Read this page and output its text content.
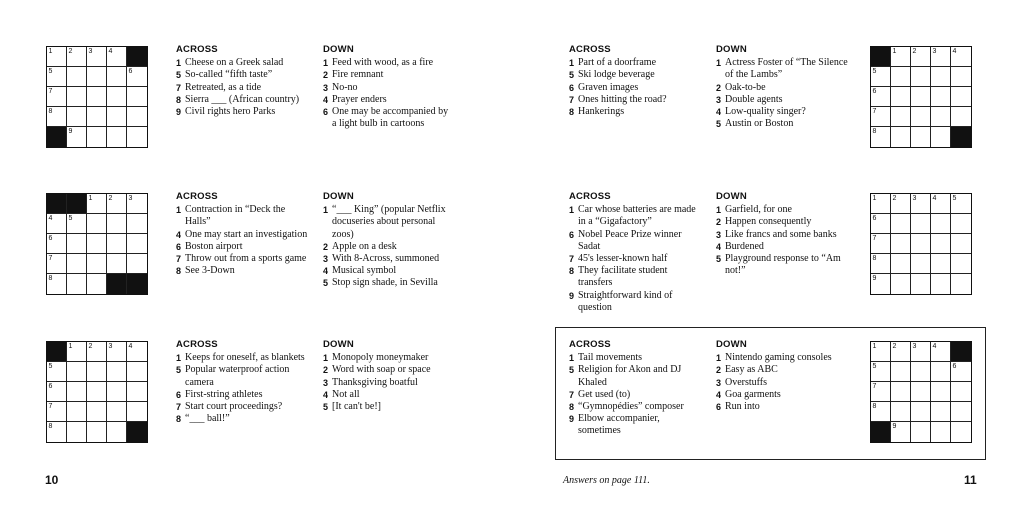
1 2 3 4
5	6
7
8
9
ACROSS
1 Cheese on a Greek salad
5 So-called “fifth taste”
7 Retreated, as a tide
8 Sierra ___ (African country)
9 Civil rights hero Parks
DOWN
1 Feed with wood, as a fire
2 Fire remnant
3 No-no
4 Prayer enders
6 One may be accompanied by a light bulb in cartoons
1 2 3
4 5
6
7
8
ACROSS
1 Contraction in “Deck the Halls”
4 One may start an investigation
6 Boston airport
7 Throw out from a sports game
8 See 3-Down
DOWN
1 “___ King” (popular Netflix docuseries about personal zoos)
2 Apple on a desk
3 With 8-Across, summoned
4 Musical symbol
5 Stop sign shade, in Sevilla
1 2 3 4
5
6
7
8
ACROSS
1 Keeps for oneself, as blankets
5 Popular waterproof action camera
6 First-string athletes
7 Start court proceedings?
8 “___ ball!”
DOWN
1 Monopoly moneymaker
2 Word with soap or space
3 Thanksgiving boatful
4 Not all
5 [It can't be!]
ACROSS
1 Part of a doorframe
5 Ski lodge beverage
6 Graven images
7 Ones hitting the road?
8 Hankerings
DOWN
1 Actress Foster of “The Silence of the Lambs”
2 Oak-to-be
3 Double agents
4 Low-quality singer?
5 Austin or Boston
1 2 3 4
5
6
7
8
ACROSS
1 Car whose batteries are made in a “Gigafactory”
6 Nobel Peace Prize winner Sadat
7 45's lesser-known half
8 They facilitate student transfers
9 Straightforward kind of question
DOWN
1 Garfield, for one
2 Happen consequently
3 Like francs and some banks
4 Burdened
5 Playground response to “Am not!”
1 2 3 4 5
6
7
8
9
ACROSS
1 Tail movements
5 Religion for Akon and DJ Khaled
7 Get used (to)
8 “Gymnopédies” composer
9 Elbow accompanier, sometimes
DOWN
1 Nintendo gaming consoles
2 Easy as ABC
3 Overstuffs
4 Goa garments
6 Run into
1 2 3 4
5	6
7
8
9
10	Answers on page 111.	11
